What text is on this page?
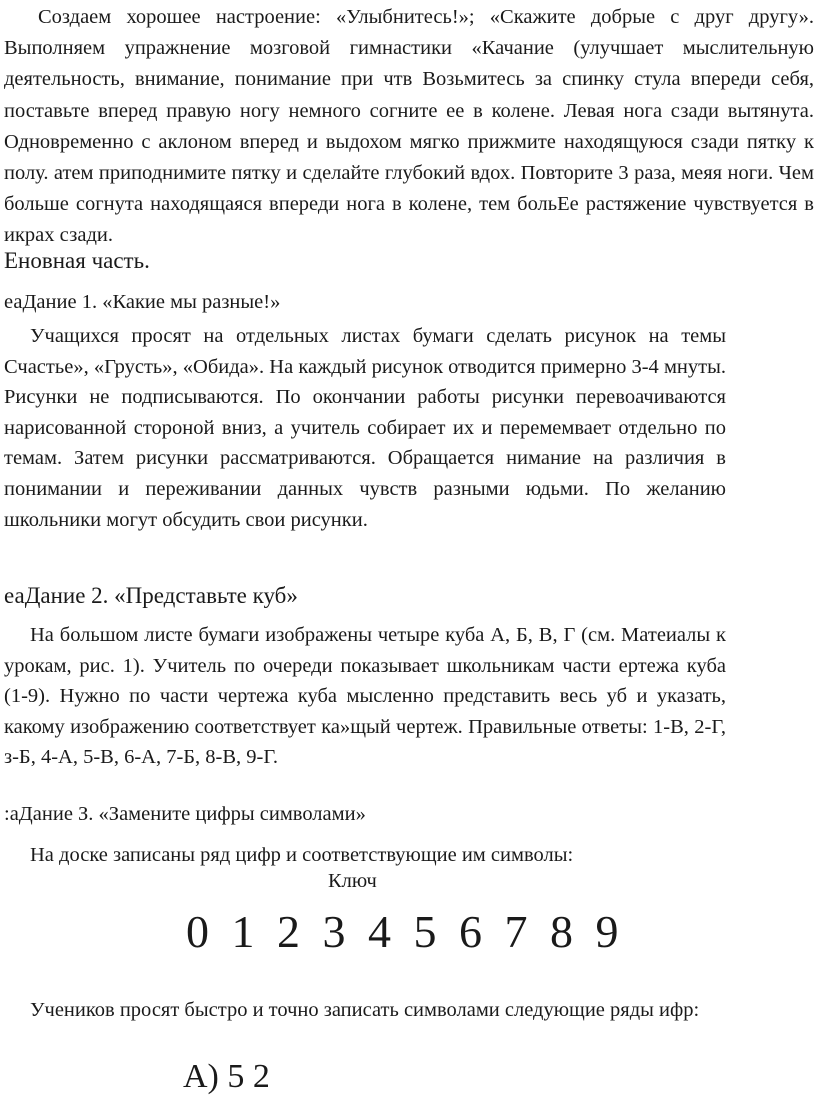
Создаем хорошее настроение: «Улыбнитесь!»; «Скажите добрые с друг другу». Выполняем упражнение мозговой гимнастики «Качание (улучшает мыслительную деятельность, внимание, понимание при чтв Возьмитесь за спинку стула впереди себя, поставьте вперед правую ногу немного согните ее в колене. Левая нога сзади вытянута. Одновременно с аклоном вперед и выдохом мягко прижмите находящуюся сзади пятку к полу. атем приподнимите пятку и сделайте глубокий вдох. Повторите 3 раза, меяя ноги. Чем больше согнута находящаяся впереди нога в колене, тем больЕе растяжение чувствуется в икрах сзади.

Еновная часть.
еаДание 1. «Какие мы разные!»

Учащихся просят на отдельных листах бумаги сделать рисунок на темы Счастье», «Грусть», «Обида». На каждый рисунок отводится примерно 3-4 мнуты. Рисунки не подписываются. По окончании работы рисунки перевоачиваются нарисованной стороной вниз, а учитель собирает их и перемемвает отдельно по темам. Затем рисунки рассматриваются. Обращается нимание на различия в понимании и переживании данных чувств разными юдьми. По желанию школьники могут обсудить свои рисунки.

еаДание 2. «Представьте куб»

На большом листе бумаги изображены четыре куба А, Б, В, Г (см. Матеиалы к урокам, рис. 1). Учитель по очереди показывает школьникам части ертежа куба (1-9). Нужно по части чертежа куба мысленно представить весь уб и указать, какому изображению соответствует ка»щый чертеж. Правильные ответы: 1-В, 2-Г, з-Б, 4-А, 5-В, 6-А, 7-Б, 8-В, 9-Г.

:аДание З. «Замените цифры символами»

На доске записаны ряд цифр и соответствующие им символы:

Ключ

0 1 2 3 4 5 6 7 8 9

Учеников просят быстро и точно записать символами следующие ряды ифр:

А) 5 2
